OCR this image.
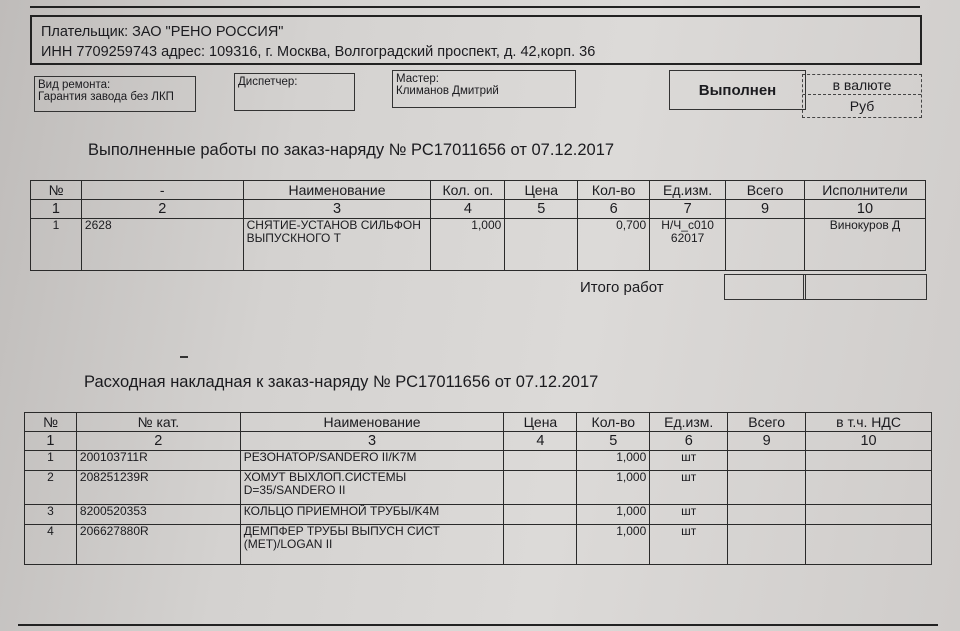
Плательщик: ЗАО "РЕНО РОССИЯ"
ИНН 7709259743 адрес: 109316, г. Москва, Волгоградский проспект, д. 42,корп. 36
Вид ремонта:
Гарантия завода без ЛКП
Диспетчер:	Мастер:
Климанов Дмитрий	Выполнен	в валюте
Руб
Выполненные работы по заказ-наряду № РС17011656 от 07.12.2017
№	-	Наименование	Кол. оп.	Цена	Кол-во	Ед.изм.	Всего	Исполнители
1	2	3	4	5	6	7	9	10
1	2628	СНЯТИЕ-УСТАНОВ СИЛЬФОН ВЫПУСКНОГО Т	1,000		0,700	Н/Ч_с010 62017		Винокуров Д
Итого работ
Расходная накладная к заказ-наряду № РС17011656 от 07.12.2017
№	№ кат.	Наименование	Цена	Кол-во	Ед.изм.	Всего	в т.ч. НДС
1	2	3	4	5	6	9	10
1	200103711R	РЕЗОНАТОР/SANDERO II/K7M		1,000	шт		
2	208251239R	ХОМУТ ВЫХЛОП.СИСТЕМЫ D=35/SANDERO II		1,000	шт		
3	8200520353	КОЛЬЦО ПРИЕМНОЙ ТРУБЫ/K4M		1,000	шт		
4	206627880R	ДЕМПФЕР ТРУБЫ ВЫПУСН СИСТ (MET)/LOGAN II		1,000	шт		
